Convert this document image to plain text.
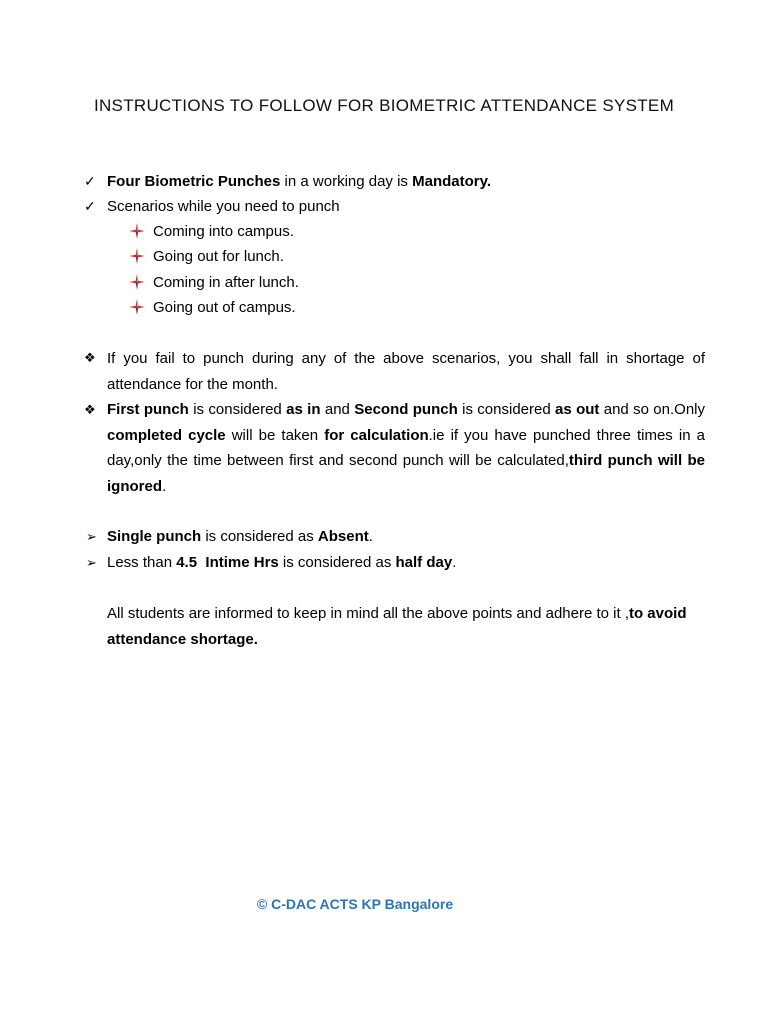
INSTRUCTIONS TO FOLLOW FOR BIOMETRIC ATTENDANCE SYSTEM
✓ Four Biometric Punches in a working day is Mandatory.
✓ Scenarios while you need to punch
Coming into campus.
Going out for lunch.
Coming in after lunch.
Going out of campus.
❖ If you fail to punch during any of the above scenarios, you shall fall in shortage of attendance for the month.
❖ First punch is considered as in and Second punch is considered as out and so on.Only completed cycle will be taken for calculation.ie if you have punched three times in a day,only the time between first and second punch will be calculated,third punch will be ignored.
➢ Single punch is considered as Absent.
➢ Less than 4.5  Intime Hrs is considered as half day.
All students are informed to keep in mind all the above points and adhere to it ,to avoid attendance shortage.
© C-DAC ACTS KP Bangalore
